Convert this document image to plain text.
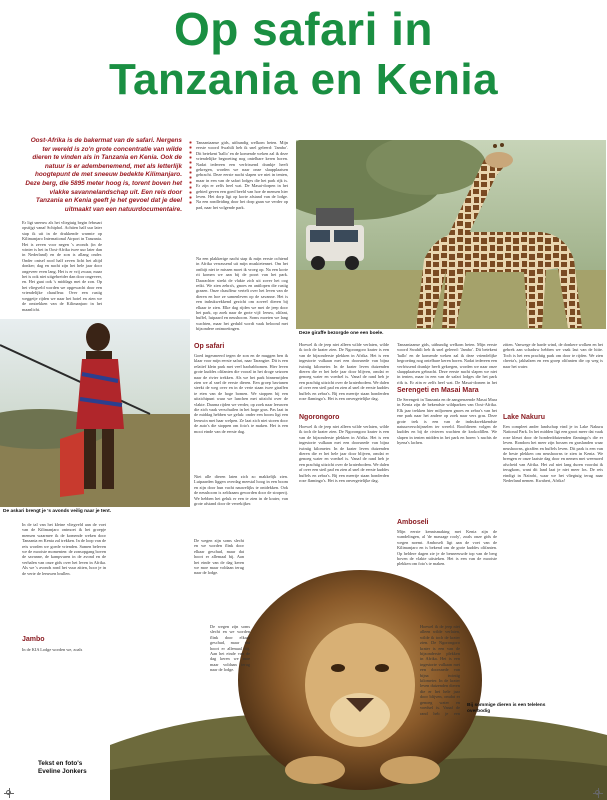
Op safari in
Tanzania en Kenia
Oost-Afrika is de bakermat van de safari. Nergens ter wereld is zo'n grote concentratie van wilde dieren te vinden als in Tanzania en Kenia. Ook de natuur is er adembenemend, met als letterlijk hoogtepunt de met sneeuw bedekte Kilimanjaro. Deze berg, die 5895 meter hoog is, torent boven het vlakke savannelandschap uit. Een reis door Tanzania en Kenia geeft je het gevoel dat je deel uitmaakt van een natuurdocumentaire.
Er ligt sneeuw als het vliegtuig begin februari opstijgt vanaf Schiphol. Achtien half uur later stap ik uit in de drukkende warmte op Kilimanjaro International Airport in Tanzania. Het is zeven voor negen 's avonds (in de winter is het in Oost-Afrika twee uur later dan in Nederland) en de zon is allang onder. Onder ontsel rood half zeven licht het altijd donker; dag en nacht zijn het hele jaar door ongeveer even lang. Het is er vrij zwaar, maar het is ook niet uitgebreider dan door ongeveer, en. Het gaat ook 's middags met de zon. Op het vliegveld worden we opgewacht door een vriendelijke chauffeur. Over een rustig weggetje rijden we naar het hotel en zien we de omtrekken van de Kilimanjaro in het maanlicht.
Tanzaniaanse gids, uitbundig welkom heten. Mijn eerste woord Swahili heb ik snel geleerd: 'Jambo'. Dit betekent 'hallo' en de komende weken zal ik deze vriendelijke begroeting nog ontelbare keren horen. Nadat iedereen een verfrissend drankje heeft gekregen, worden we naar onze slaapplaatsen gebracht. Deze eerste nacht slapen we niet in tenten, maar in een van de safari lodges die het park rijk is. Er zijn er zelfs heel wat. De Masai-dorpen in het gebied geven een goed beeld van hoe de mensen hier leven. Het dorp ligt op korte afstand van de lodge. Na een rondleiding door het dorp gaan we verder op pad, naar het volgende park.
Na een plakkerige nacht stap ik mijn eerste ochtend in Afrika verrassend uit mijn muskietennet. Om het ontbijt niet te missen moet ik vroeg op. Na een korte rit komen we aan bij de poort van het park. Daarachter strekt de vlakte zich uit zover het oog reikt. We zien zebra's, gnoes en antilopen die rustig grazen. Onze chauffeur vertelt over het leven van de dieren en hoe ze samenleven op de savanne. Het is een indrukwekkend gezicht om zoveel dieren bij elkaar te zien. Elke dag rijden we met de jeep door het park, op zoek naar de grote vijf: leeuw, olifant, buffel, luipaard en neushoorn. Soms moeten we lang wachten, maar het geduld wordt vaak beloond met bijzondere ontmoetingen.
Deze giraffe bezorgde one een boele.
De askari brengt je 's avonds veilig naar je tent.
In de tal van het kleine vliegveld aan de voet van de Kilimanjaro ontmoet ik het groepje mensen waarmee ik de komende weken door Tanzania en Kenia zal trekken. In de loop van de reis worden we goede vrienden. Samen beleven we de mooiste momenten: de zonsopgang boven de savanne, de kampvuren in de avond en de verhalen van onze gids over het leven in Afrika. Als we 's avonds rond het vuur zitten, hoor je in de verte de leeuwen brullen.
Jambo
In de KIA Lodge worden we, zoals
Op safari
Goed ingesmeerd tegen de zon en de muggen ben ik klaar voor mijn eerste safari, naar Tarangire. Dit is een relatief klein park met veel baobabbomen. Hier leven grote kuddes olifanten die vooral in het droge seizoen naar de rivier trekken. Als we het park binnenrijden zien we al snel de eerste dieren. Een groep bavianen steekt de weg over en in de verte staan twee giraffen te eten van de hoge bomen. We stoppen bij een uitzichtpunt waar we lunchen met uitzicht over de vlakte. Daarna rijden we verder, op zoek naar leeuwen die zich vaak verschuilen in het hoge gras. Pas laat in de middag hebben we geluk: onder een boom ligt een leeuwin met haar welpen. Ze laat zich niet storen door de auto's die stoppen om foto's te maken. Het is een mooi einde van de eerste dag.
Niet alle dieren laten zich zo makkelijk zien. Luipaarden liggen overdag meestal hoog in een boom en zijn door hun vacht nauwelijks te ontdekken. Ook de neushoorn is zeldzaam geworden door de stroperij. We hebben het geluk er een te zien in de krater, van grote afstand door de verrekijker.
De wegen zijn soms slecht en we worden flink door elkaar geschud, maar dat hoort er allemaal bij. Aan het einde van de dag keren we moe maar voldaan terug naar de lodge.
Hoewel ik de jeep niet alleen wilde verlaten, wilde ik toch de krater zien. De Ngorongoro krater is een van de bijzonderste plekken in Afrika. Het is een ingestorte vulkaan met een doorsnede van bijna twintig kilometer. In de krater leven duizenden dieren die er het hele jaar door blijven, omdat er genoeg water en voedsel is. Vanaf de rand heb je een prachtig uitzicht over de kraterbodem. We dalen af over een steil pad en zien al snel de eerste kuddes buffels en zebra's. Bij een meertje staan honderden roze flamingo's. Het is een onvergetelijke dag.
Ngorongoro
Hoewel ik de jeep niet alleen wilde verlaten, wilde ik toch de krater zien. De Ngorongoro krater is een van de bijzonderste plekken in Afrika. Het is een ingestorte vulkaan met een doorsnede van bijna twintig kilometer. In de krater leven duizenden dieren die er het hele jaar door blijven, omdat er genoeg water en voedsel is. Vanaf de rand heb je een prachtig uitzicht over de kraterbodem. We dalen af over een steil pad en zien al snel de eerste kuddes buffels en zebra's. Bij een meertje staan honderden roze flamingo's. Het is een onvergetelijke dag.
Tanzaniaanse gids, uitbundig welkom heten. Mijn eerste woord Swahili heb ik snel geleerd: 'Jambo'. Dit betekent 'hallo' en de komende weken zal ik deze vriendelijke begroeting nog ontelbare keren horen. Nadat iedereen een verfrissend drankje heeft gekregen, worden we naar onze slaapplaatsen gebracht. Deze eerste nacht slapen we niet in tenten, maar in een van de safari lodges die het park rijk is. Er zijn er zelfs heel wat. De Masai-dorpen in het
Serengeti en Masai Mara
De Serengeti in Tanzania en de aangrenzende Masai Mara in Kenia zijn de bekendste wildparken van Oost-Afrika. Elk jaar trekken hier miljoenen gnoes en zebra's van het ene park naar het andere op zoek naar vers gras. Deze grote trek is een van de indrukwekkendste natuurverschijnselen ter wereld. Roofdieren volgen de kuddes en bij de rivieren wachten de krokodillen. We slapen in tenten midden in het park en horen 's nachts de hyena's lachen.
Amboseli
Mijn eerste kennismaking met Kenia zijn de wandelingen, al 'de massage rooly', zoals onze gids de wegen noemt. Amboseli ligt aan de voet van de Kilimanjaro en is bekend om de grote kuddes olifanten. Op heldere dagen zie je de besneeuwde top van de berg boven de vlakte uitsteken. Het is een van de mooiste plekken om foto's te maken.
zitten. Vanwege de harde wind, de donkere wolken en het gebrek aan schaduw hebben we vaak last van de hitte. Toch is het een prachtig park om door te rijden. We zien cheeta's, jakhalzen en een groep olifanten die op weg is naar het water.
Lake Nakuru
Een compleet ander landschap vind je in Lake Nakuru National Park. In het midden ligt een groot meer dat vaak roze kleurt door de honderdduizenden flamingo's die er leven. Rondom het meer zijn bossen en graslanden waar neushoorns, giraffen en buffels leven. Dit park is een van de beste plekken om neushoorns te zien in Kenia. We brengen er onze laatste dag door en nemen met weemoed afscheid van Afrika. Het zal niet lang duren voordat ik terugkom, want dit land laat je niet meer los. De reis eindigt in Nairobi, waar we het vliegtuig terug naar Nederland nemen. Kwaheri, Afrika!
De wegen zijn soms slecht en we worden flink door elkaar geschud, maar dat hoort er allemaal bij. Aan het einde van de dag keren we moe maar voldaan terug naar de lodge.
Hoewel ik de jeep niet alleen wilde verlaten, wilde ik toch de krater zien. De Ngorongoro krater is een van de bijzonderste plekken in Afrika. Het is een ingestorte vulkaan met een doorsnede van bijna twintig kilometer. In de krater leven duizenden dieren die er het hele jaar door blijven, omdat er genoeg water en voedsel is. Vanaf de rand heb je een
Bij sommige dieren is een telelens overbodig
Tekst en foto's
Eveline Jonkers
